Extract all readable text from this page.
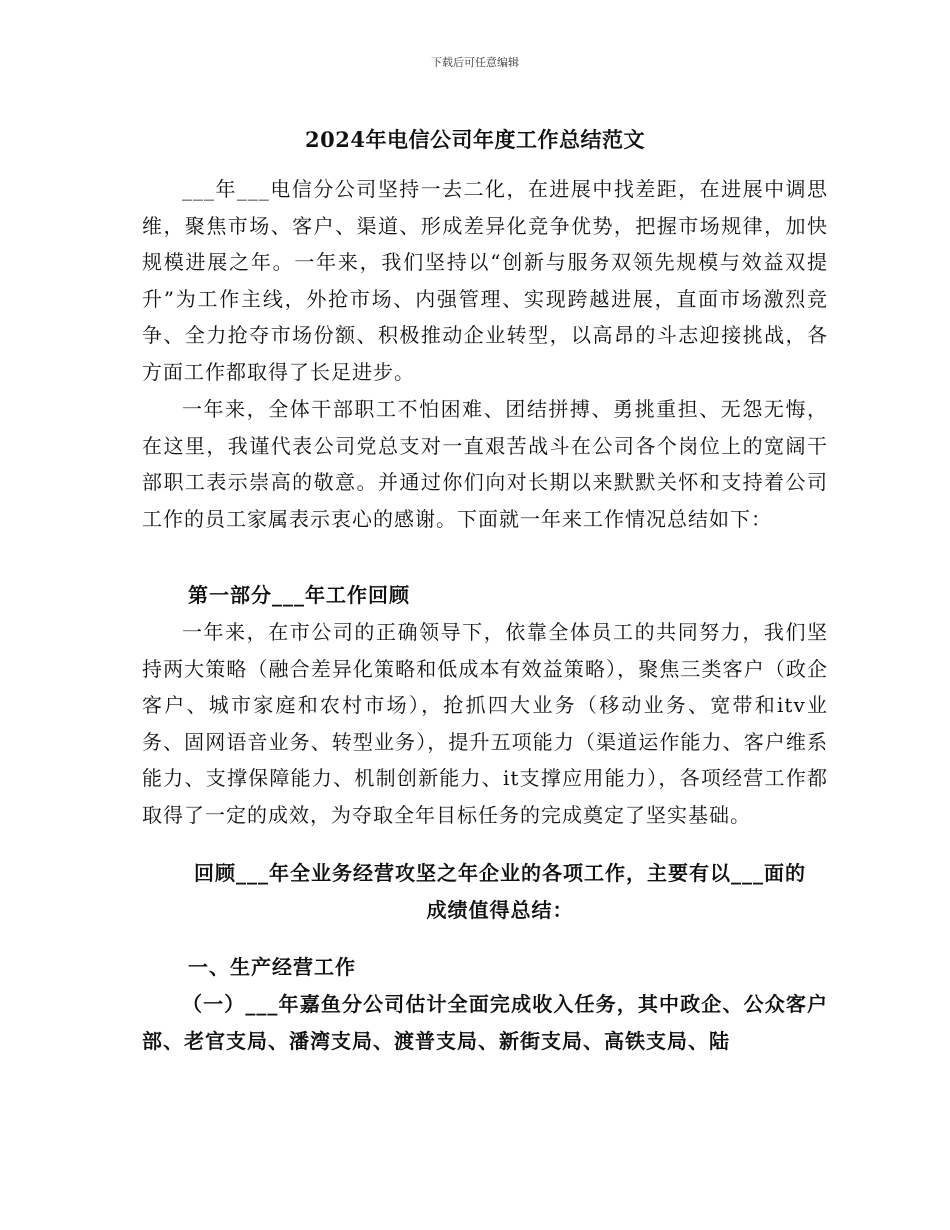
下载后可任意编辑
2024年电信公司年度工作总结范文

___年___电信分公司坚持一去二化，在进展中找差距，在进展中调思维，聚焦市场、客户、渠道、形成差异化竞争优势，把握市场规律，加快规模进展之年。一年来，我们坚持以“创新与服务双领先规模与效益双提升”为工作主线，外抢市场、内强管理、实现跨越进展，直面市场激烈竞争、全力抢夺市场份额、积极推动企业转型，以高昂的斗志迎接挑战，各方面工作都取得了长足进步。

一年来，全体干部职工不怕困难、团结拼搏、勇挑重担、无怨无悔，在这里，我谨代表公司党总支对一直艰苦战斗在公司各个岗位上的宽阔干部职工表示崇高的敬意。并通过你们向对长期以来默默关怀和支持着公司工作的员工家属表示衷心的感谢。下面就一年来工作情况总结如下：

第一部分___年工作回顾

一年来，在市公司的正确领导下，依靠全体员工的共同努力，我们坚持两大策略（融合差异化策略和低成本有效益策略），聚焦三类客户（政企客户、城市家庭和农村市场），抢抓四大业务（移动业务、宽带和itv业务、固网语音业务、转型业务），提升五项能力（渠道运作能力、客户维系能力、支撑保障能力、机制创新能力、it支撑应用能力），各项经营工作都取得了一定的成效，为夺取全年目标任务的完成奠定了坚实基础。

回顾___年全业务经营攻坚之年企业的各项工作，主要有以___面的成绩值得总结：

一、生产经营工作

（一）___年嘉鱼分公司估计全面完成收入任务，其中政企、公众客户部、老官支局、潘湾支局、渡普支局、新街支局、高铁支局、陆
